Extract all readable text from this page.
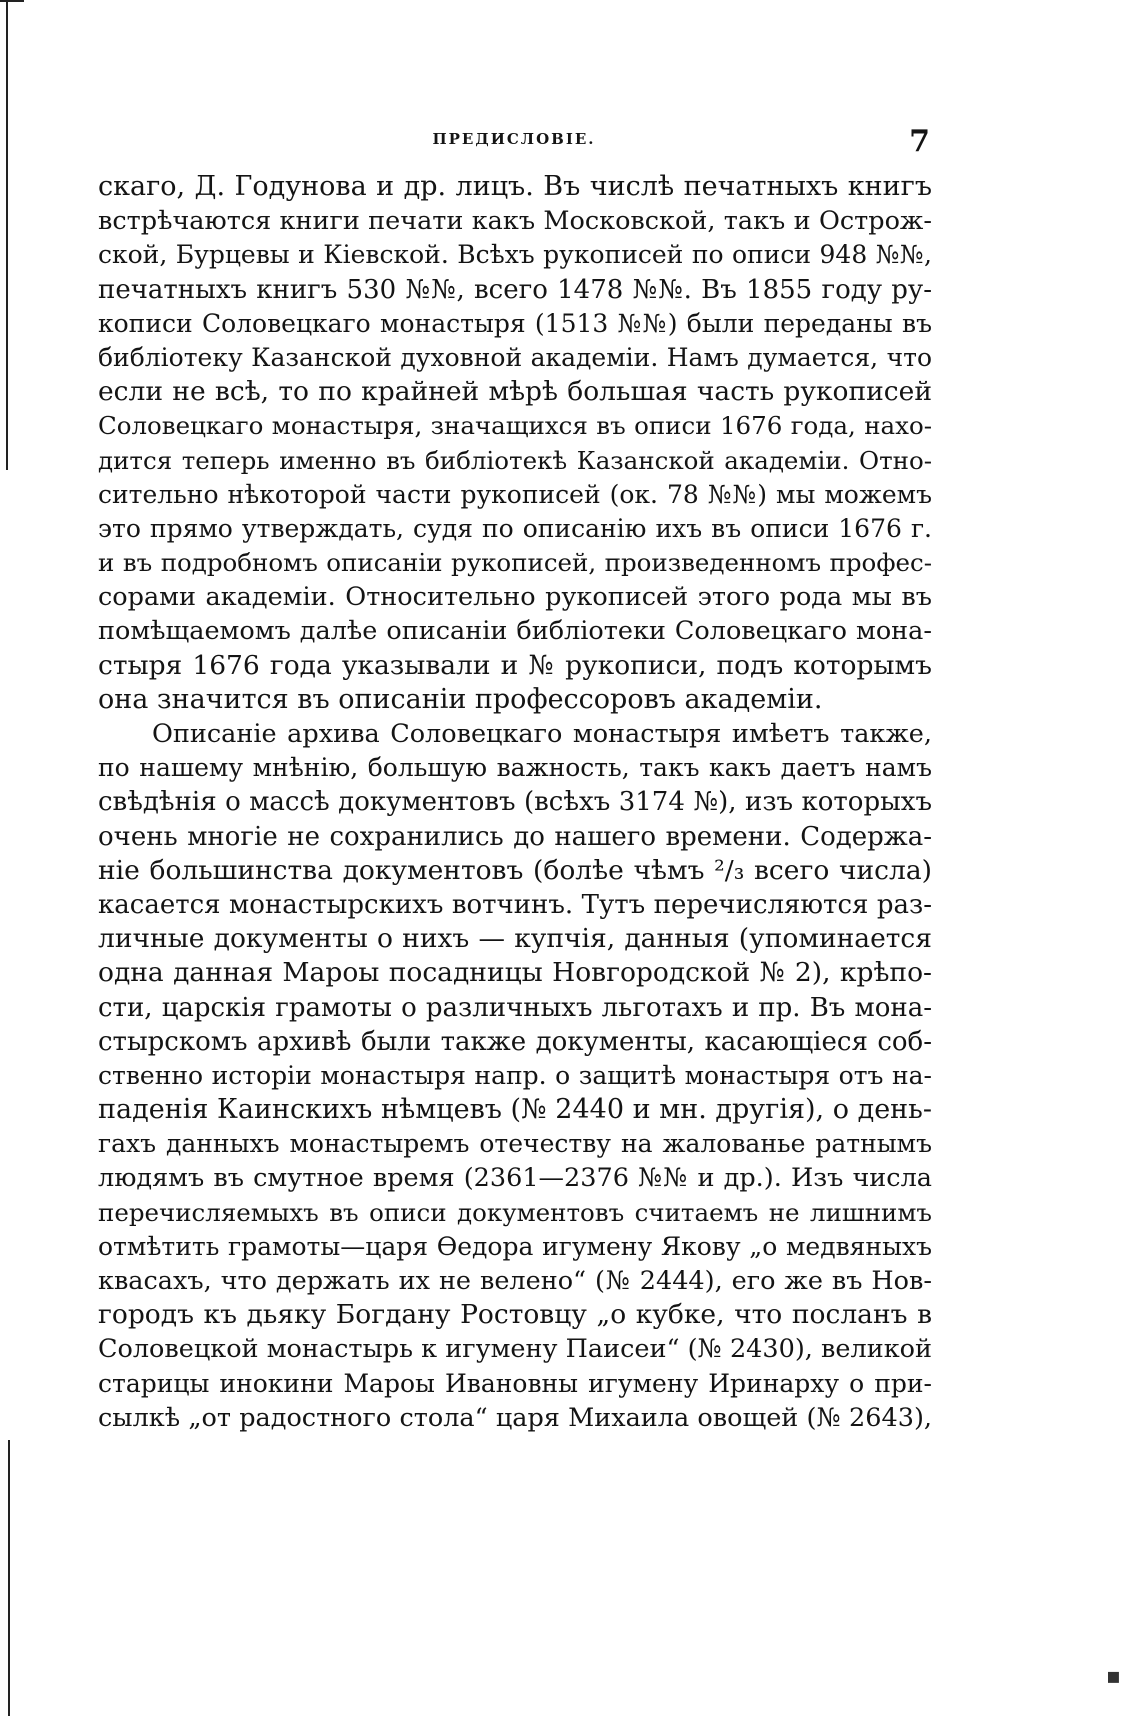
ПРЕДИСЛОВІЕ.	7
скаго, Д. Годунова и др. лицъ. Въ числѣ печатныхъ книгъ
встрѣчаются книги печати какъ Московской, такъ и Острож-
ской, Бурцевы и Кіевской. Всѣхъ рукописей по описи 948 №№,
печатныхъ книгъ 530 №№, всего 1478 №№. Въ 1855 году ру-
кописи Соловецкаго монастыря (1513 №№) были переданы въ
библіотеку Казанской духовной академіи. Намъ думается, что
если не всѣ, то по крайней мѣрѣ большая часть рукописей
Соловецкаго монастыря, значащихся въ описи 1676 года, нахо-
дится теперь именно въ библіотекѣ Казанской академіи. Отно-
сительно нѣкоторой части рукописей (ок. 78 №№) мы можемъ
это прямо утверждать, судя по описанію ихъ въ описи 1676 г.
и въ подробномъ описаніи рукописей, произведенномъ профес-
сорами академіи. Относительно рукописей этого рода мы въ
помѣщаемомъ далѣе описаніи библіотеки Соловецкаго мона-
стыря 1676 года указывали и № рукописи, подъ которымъ
она значится въ описаніи профессоровъ академіи.
Описаніе архива Соловецкаго монастыря имѣетъ также,
по нашему мнѣнію, большую важность, такъ какъ даетъ намъ
свѣдѣнія о массѣ документовъ (всѣхъ 3174 №), изъ которыхъ
очень многіе не сохранились до нашего времени. Содержа-
ніе большинства документовъ (болѣе чѣмъ ²/₃ всего числа)
касается монастырскихъ вотчинъ. Тутъ перечисляются раз-
личные документы о нихъ — купчія, данныя (упоминается
одна данная Мароы посадницы Новгородской № 2), крѣпо-
сти, царскія грамоты о различныхъ льготахъ и пр. Въ мона-
стырскомъ архивѣ были также документы, касающіеся соб-
ственно исторіи монастыря напр. о защитѣ монастыря отъ на-
паденія Каинскихъ нѣмцевъ (№ 2440 и мн. другія), о день-
гахъ данныхъ монастыремъ отечеству на жалованье ратнымъ
людямъ въ смутное время (2361—2376 №№ и др.). Изъ числа
перечисляемыхъ въ описи документовъ считаемъ не лишнимъ
отмѣтить грамоты—царя Өедора игумену Якову „о медвяныхъ
квасахъ, что держать их не велено“ (№ 2444), его же въ Нов-
городъ къ дьяку Богдану Ростовцу „о кубке, что посланъ в
Соловецкой монастырь к игумену Паисеи“ (№ 2430), великой
старицы инокини Мароы Ивановны игумену Иринарху о при-
сылкѣ „от радостного стола“ царя Михаила овощей (№ 2643),
▪
